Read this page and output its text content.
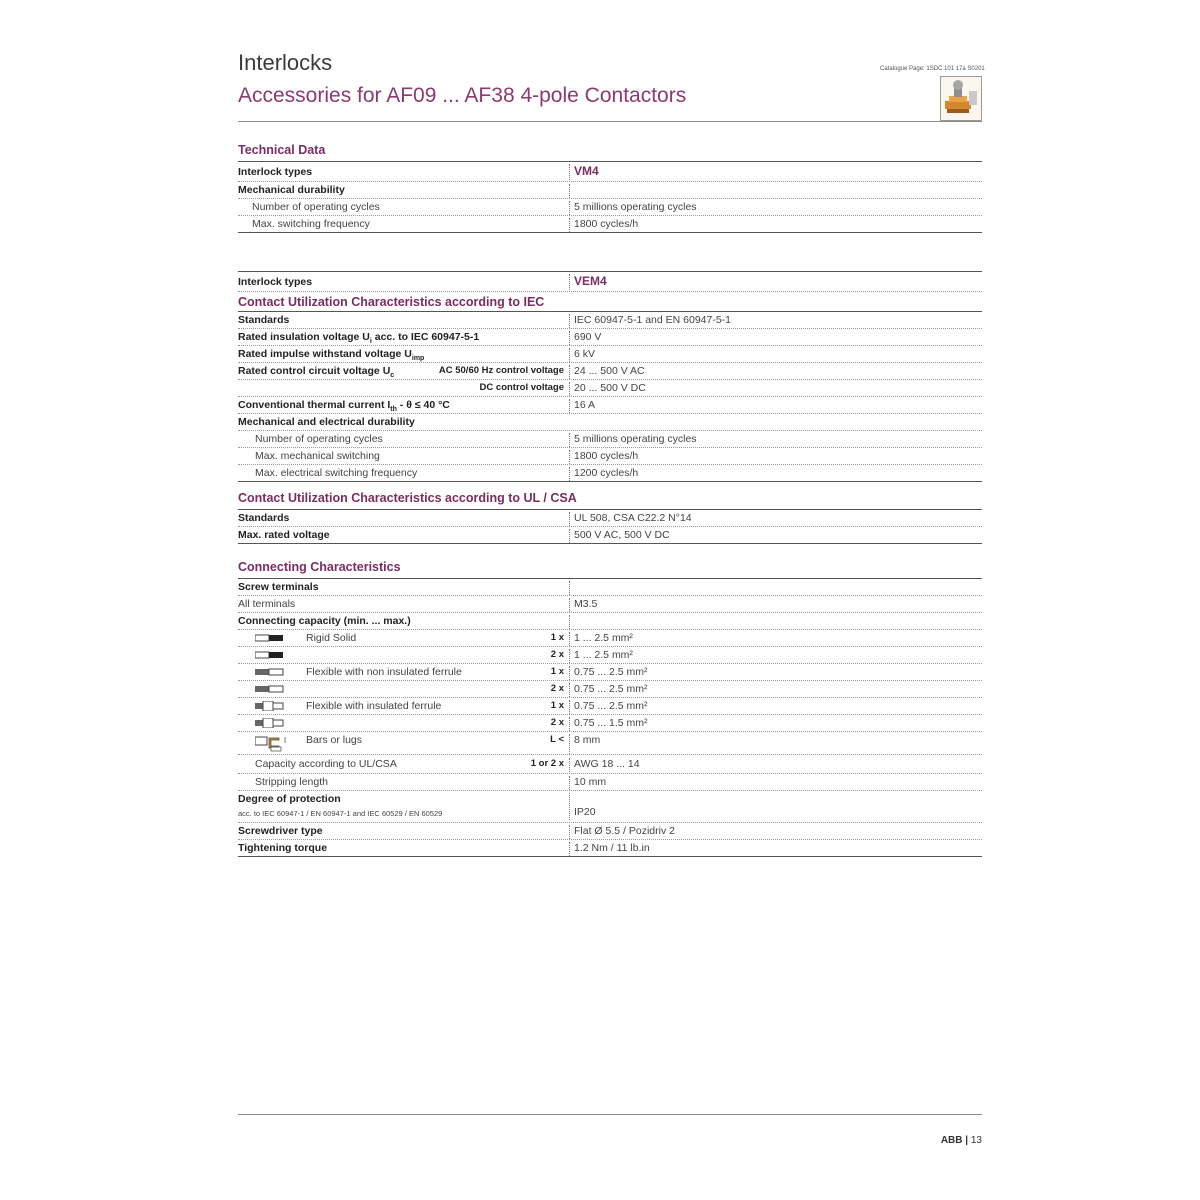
Interlocks
Accessories for AF09 ... AF38 4-pole Contactors
Catalogue Page: 1SDC 101 17a S0201
Technical Data
Interlock types	VM4
Mechanical durability
Number of operating cycles	5 millions operating cycles
Max. switching frequency	1800 cycles/h
Interlock types	VEM4
Contact Utilization Characteristics according to IEC
Standards	IEC 60947-5-1 and EN 60947-5-1
Rated insulation voltage $U_i$ acc. to IEC 60947-5-1	690 V
Rated impulse withstand voltage $U_{imp}$	6 kV
Rated control circuit voltage $U_c$	AC 50/60 Hz control voltage 24 ... 500 V AC
DC control voltage 20 ... 500 V DC
Conventional thermal current $I_{th} - \theta \le 40$ °C	16 A
Mechanical and electrical durability
Number of operating cycles	5 millions operating cycles
Max. mechanical switching	1800 cycles/h
Max. electrical switching frequency	1200 cycles/h
Contact Utilization Characteristics according to UL / CSA
Standards	UL 508, CSA C22.2 N°14
Max. rated voltage	500 V AC, 500 V DC
Connecting Characteristics
Screw terminals
All terminals	M3.5
Connecting capacity (min. ... max.)
Rigid Solid	1 x 1 ... 2.5 mm²
2 x 1 ... 2.5 mm²
Flexible with non insulated ferrule	1 x 0.75 ... 2.5 mm²
2 x 0.75 ... 2.5 mm²
Flexible with insulated ferrule	1 x 0.75 ... 2.5 mm²
2 x 0.75 ... 1.5 mm²
Bars or lugs	L < 8 mm
Capacity according to UL/CSA	1 or 2 x AWG 18 ... 14
Stripping length	10 mm
Degree of protection
acc. to IEC 60947-1 / EN 60947-1 and IEC 60529 / EN 60529	IP20
Screwdriver type	Flat Ø 5.5 / Pozidriv 2
Tightening torque	1.2 Nm / 11 lb.in
ABB | 13
